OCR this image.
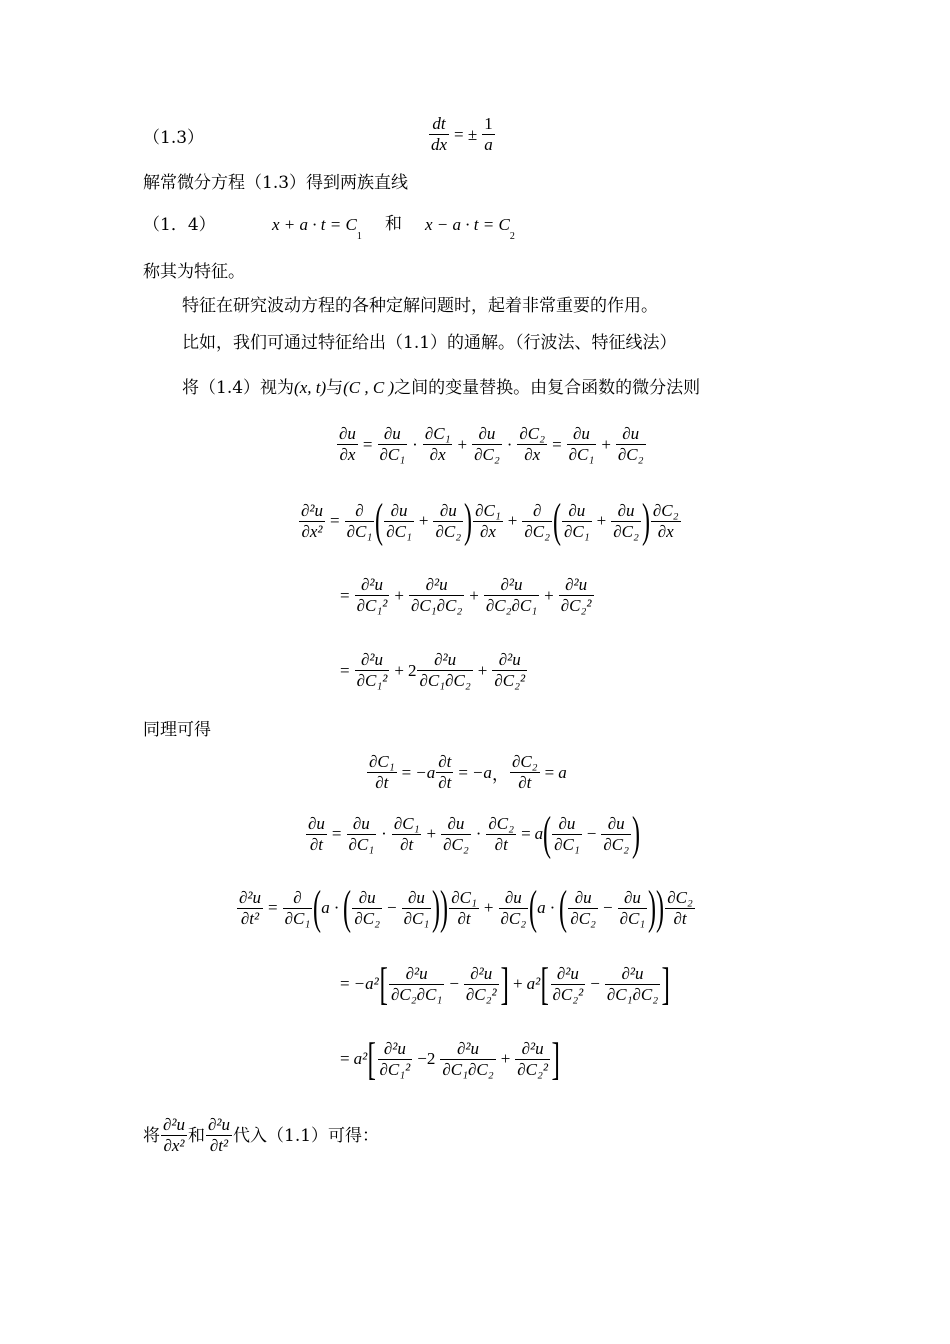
（1.3）	$\frac{dt}{dx}$ = ± $\frac{1}{a}$
解常微分方程（1.3）得到两族直线
（1．4）	$x + a \cdot t = C_1$
和 $x - a \cdot t = C_2$
称其为特征。
特征在研究波动方程的各种定解问题时，起着非常重要的作用。
比如，我们可通过特征给出（1.1）的通解。（行波法、特征线法）
将（1.4）视为(x, t)与(C , C )之间的变量替换。由复合函数的微分法则
$\frac{\partial u}{\partial x} = \frac{\partial u}{\text{∂C₁}} \cdot \frac{\text{∂C₁}}{\partial x} + \frac{\partial u}{\text{∂C₂}} \cdot \frac{\text{∂C₂}}{\partial x} = \frac{\partial u}{\text{∂C₁}} + \frac{\partial u}{\text{∂C₂}}$
$\frac{\text{∂²u}}{\text{∂x²}} = \frac{\partial}{\text{∂C₁}}$ ( $\frac{\partial u}{\text{∂C₁}} + \frac{\partial u}{\text{∂C₂}}$ ) $\frac{\text{∂C₁}}{\partial x} + \frac{\partial}{\text{∂C₂}}$ ( $\frac{\partial u}{\text{∂C₁}} + \frac{\partial u}{\text{∂C₂}}$ ) $\frac{\text{∂C₂}}{\partial x}$
= $\frac{\text{∂²u}}{\text{∂C₁²}} + \frac{\text{∂²u}}{\text{∂C₁∂C₂}} + \frac{\text{∂²u}}{\text{∂C₂∂C₁}} + \frac{\text{∂²u}}{\text{∂C₂²}}$
= $\frac{\text{∂²u}}{\text{∂C₁²}} + 2 \frac{\text{∂²u}}{\text{∂C₁∂C₂}} + \frac{\text{∂²u}}{\text{∂C₂²}}$
同理可得
$\frac{\text{∂C₁}}{\partial t} = -a \frac{\partial t}{\partial t} = -a$ ， $\frac{\text{∂C₂}}{\partial t} = a$
$\frac{\partial u}{\partial t} = \frac{\partial u}{\text{∂C₁}} \cdot \frac{\text{∂C₁}}{\partial t} + \frac{\partial u}{\text{∂C₂}} \cdot \frac{\text{∂C₂}}{\partial t} = a$ ( $\frac{\partial u}{\text{∂C₁}} - \frac{\partial u}{\text{∂C₂}}$ )
$\frac{\text{∂²u}}{\text{∂t²}} = \frac{\partial}{\text{∂C₁}}$ ( a · ( $\frac{\partial u}{\text{∂C₂}} - \frac{\partial u}{\text{∂C₁}}$ ) ) $\frac{\text{∂C₁}}{\partial t} + \frac{\partial u}{\text{∂C₂}}$ ( a · ( $\frac{\partial u}{\text{∂C₂}} - \frac{\partial u}{\text{∂C₁}}$ ) ) $\frac{\text{∂C₂}}{\partial t}$
= −a² [ $\frac{\text{∂²u}}{\text{∂C₂∂C₁}} - \frac{\text{∂²u}}{\text{∂C₂²}}$ ] + a² [ $\frac{\text{∂²u}}{\text{∂C₂²}} - \frac{\text{∂²u}}{\text{∂C₁∂C₂}}$ ]
= a² [ $\frac{\text{∂²u}}{\text{∂C₁²}} -2 \frac{\text{∂²u}}{\text{∂C₁∂C₂}} + \frac{\text{∂²u}}{\text{∂C₂²}}$ ]
将 $\frac{\text{∂²u}}{\text{∂x²}}$ 和 $\frac{\text{∂²u}}{\text{∂t²}}$ 代入（1.1）可得：
